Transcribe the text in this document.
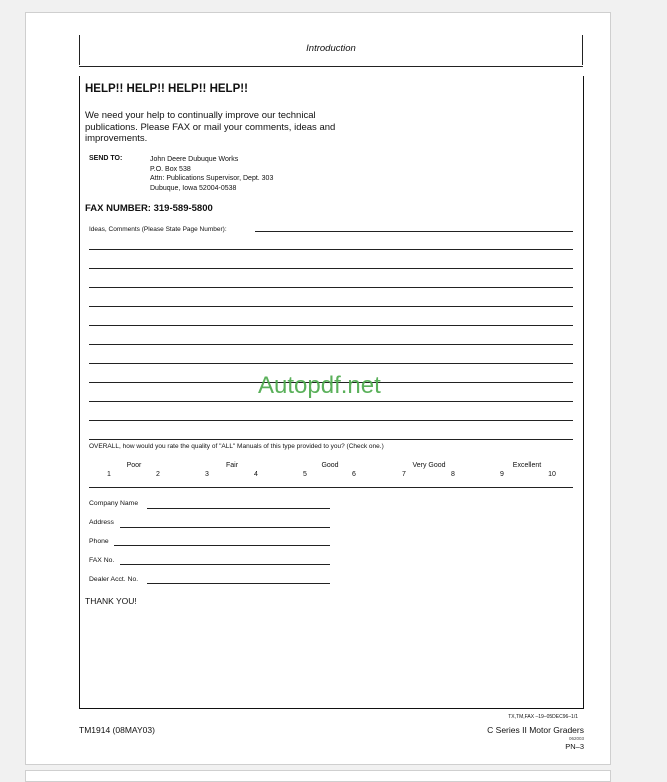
Introduction
HELP!! HELP!! HELP!! HELP!!
We need your help to continually improve our technical publications. Please FAX or mail your comments, ideas and improvements.
SEND TO:	John Deere Dubuque Works
P.O. Box 538
Attn: Publications Supervisor, Dept. 303
Dubuque, Iowa 52004-0538
FAX NUMBER: 319-589-5800
Ideas, Comments (Please State Page Number):
Autopdf.net
OVERALL, how would you rate the quality of "ALL" Manuals of this type provided to you? (Check one.)
Poor	Fair	Good	Very Good	Excellent
1	2	3	4	5	6	7	8	9	10
Company Name
Address
Phone
FAX No.
Dealer Acct. No.
THANK YOU!
TX,TM,FAX –19–05DEC96–1/1
TM1914 (08MAY03)	C Series II Motor Graders
062003
PN–3
